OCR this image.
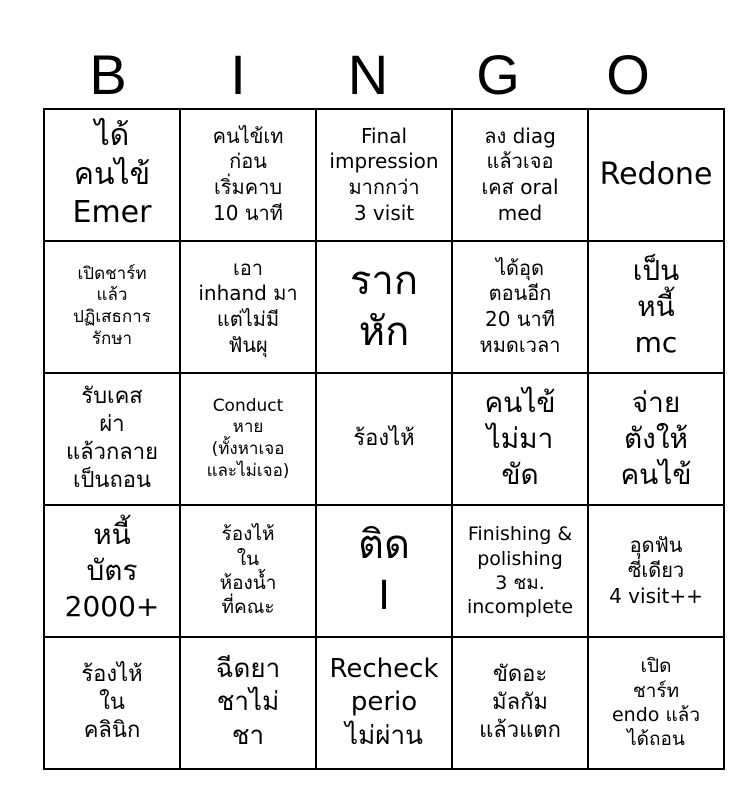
B	I	N	G	O
ได้
คนไข้
Emer	คนไข้เท
ก่อน
เริ่มคาบ
10 นาที	Final
impression
มากกว่า
3 visit	ลง diag
แล้วเจอ
เคส oral
med	Redone
เปิดชาร์ท
แล้ว
ปฏิเสธการ
รักษา	เอา
inhand มา
แต่ไม่มี
ฟันผุ	ราก
หัก	ได้อุด
ตอนอีก
20 นาที
หมดเวลา	เป็น
หนี้
mc
รับเคส
ผ่า
แล้วกลาย
เป็นถอน	Conduct
หาย
(ทั้งหาเจอ
และไม่เจอ)	ร้องไห้	คนไข้
ไม่มา
ขัด	จ่าย
ตังให้
คนไข้
หนี้
บัตร
2000+	ร้องไห้
ใน
ห้องน้ำ
ที่คณะ	ติด
I	Finishing &
polishing
3 ชม.
incomplete	อุดฟัน
ซี่เดียว
4 visit++
ร้องไห้
ใน
คลินิก	ฉีดยา
ชาไม่
ชา	Recheck
perio
ไม่ผ่าน	ขัดอะ
มัลกัม
แล้วแตก	เปิด
ชาร์ท
endo แล้ว
ได้ถอน
